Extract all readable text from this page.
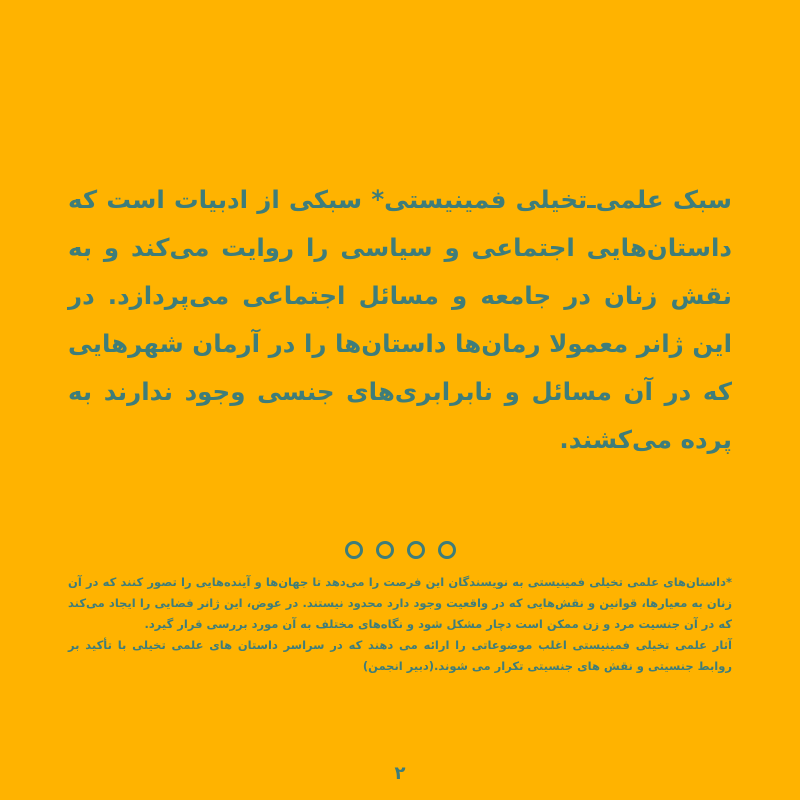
سبک علمی‌ـ‌تخیلی فمینیستی* سبکی از ادبیات است که داستان‌هایی اجتماعی و سیاسی را روایت می‌کند و به نقش زنان در جامعه و مسائل اجتماعی می‌پردازد. در این ژانر معمولا رمان‌ها داستان‌ها را در آرمان شهرهایی که در آن مسائل و نابرابری‌های جنسی وجود ندارند به پرده می‌کشند.

*داستان‌های علمی تخیلی فمینیستی به نویسندگان این فرصت را می‌دهد تا جهان‌ها و آینده‌هایی را تصور کنند که در آن زنان به معیارها، قوانین و نقش‌هایی که در واقعیت وجود دارد محدود نیستند. در عوض، این ژانر فضایی را ایجاد می‌کند که در آن جنسیت مرد و زن ممکن است دچار مشکل شود و نگاه‌های مختلف به آن مورد بررسی قرار گیرد.

آثار علمی تخیلی فمینیستی اغلب موضوعاتی را ارائه می دهند که در سراسر داستان های علمی تخیلی با تأکید بر روابط جنسیتی و نقش های جنسیتی تکرار می شوند.(دبیر انجمن)

۲
